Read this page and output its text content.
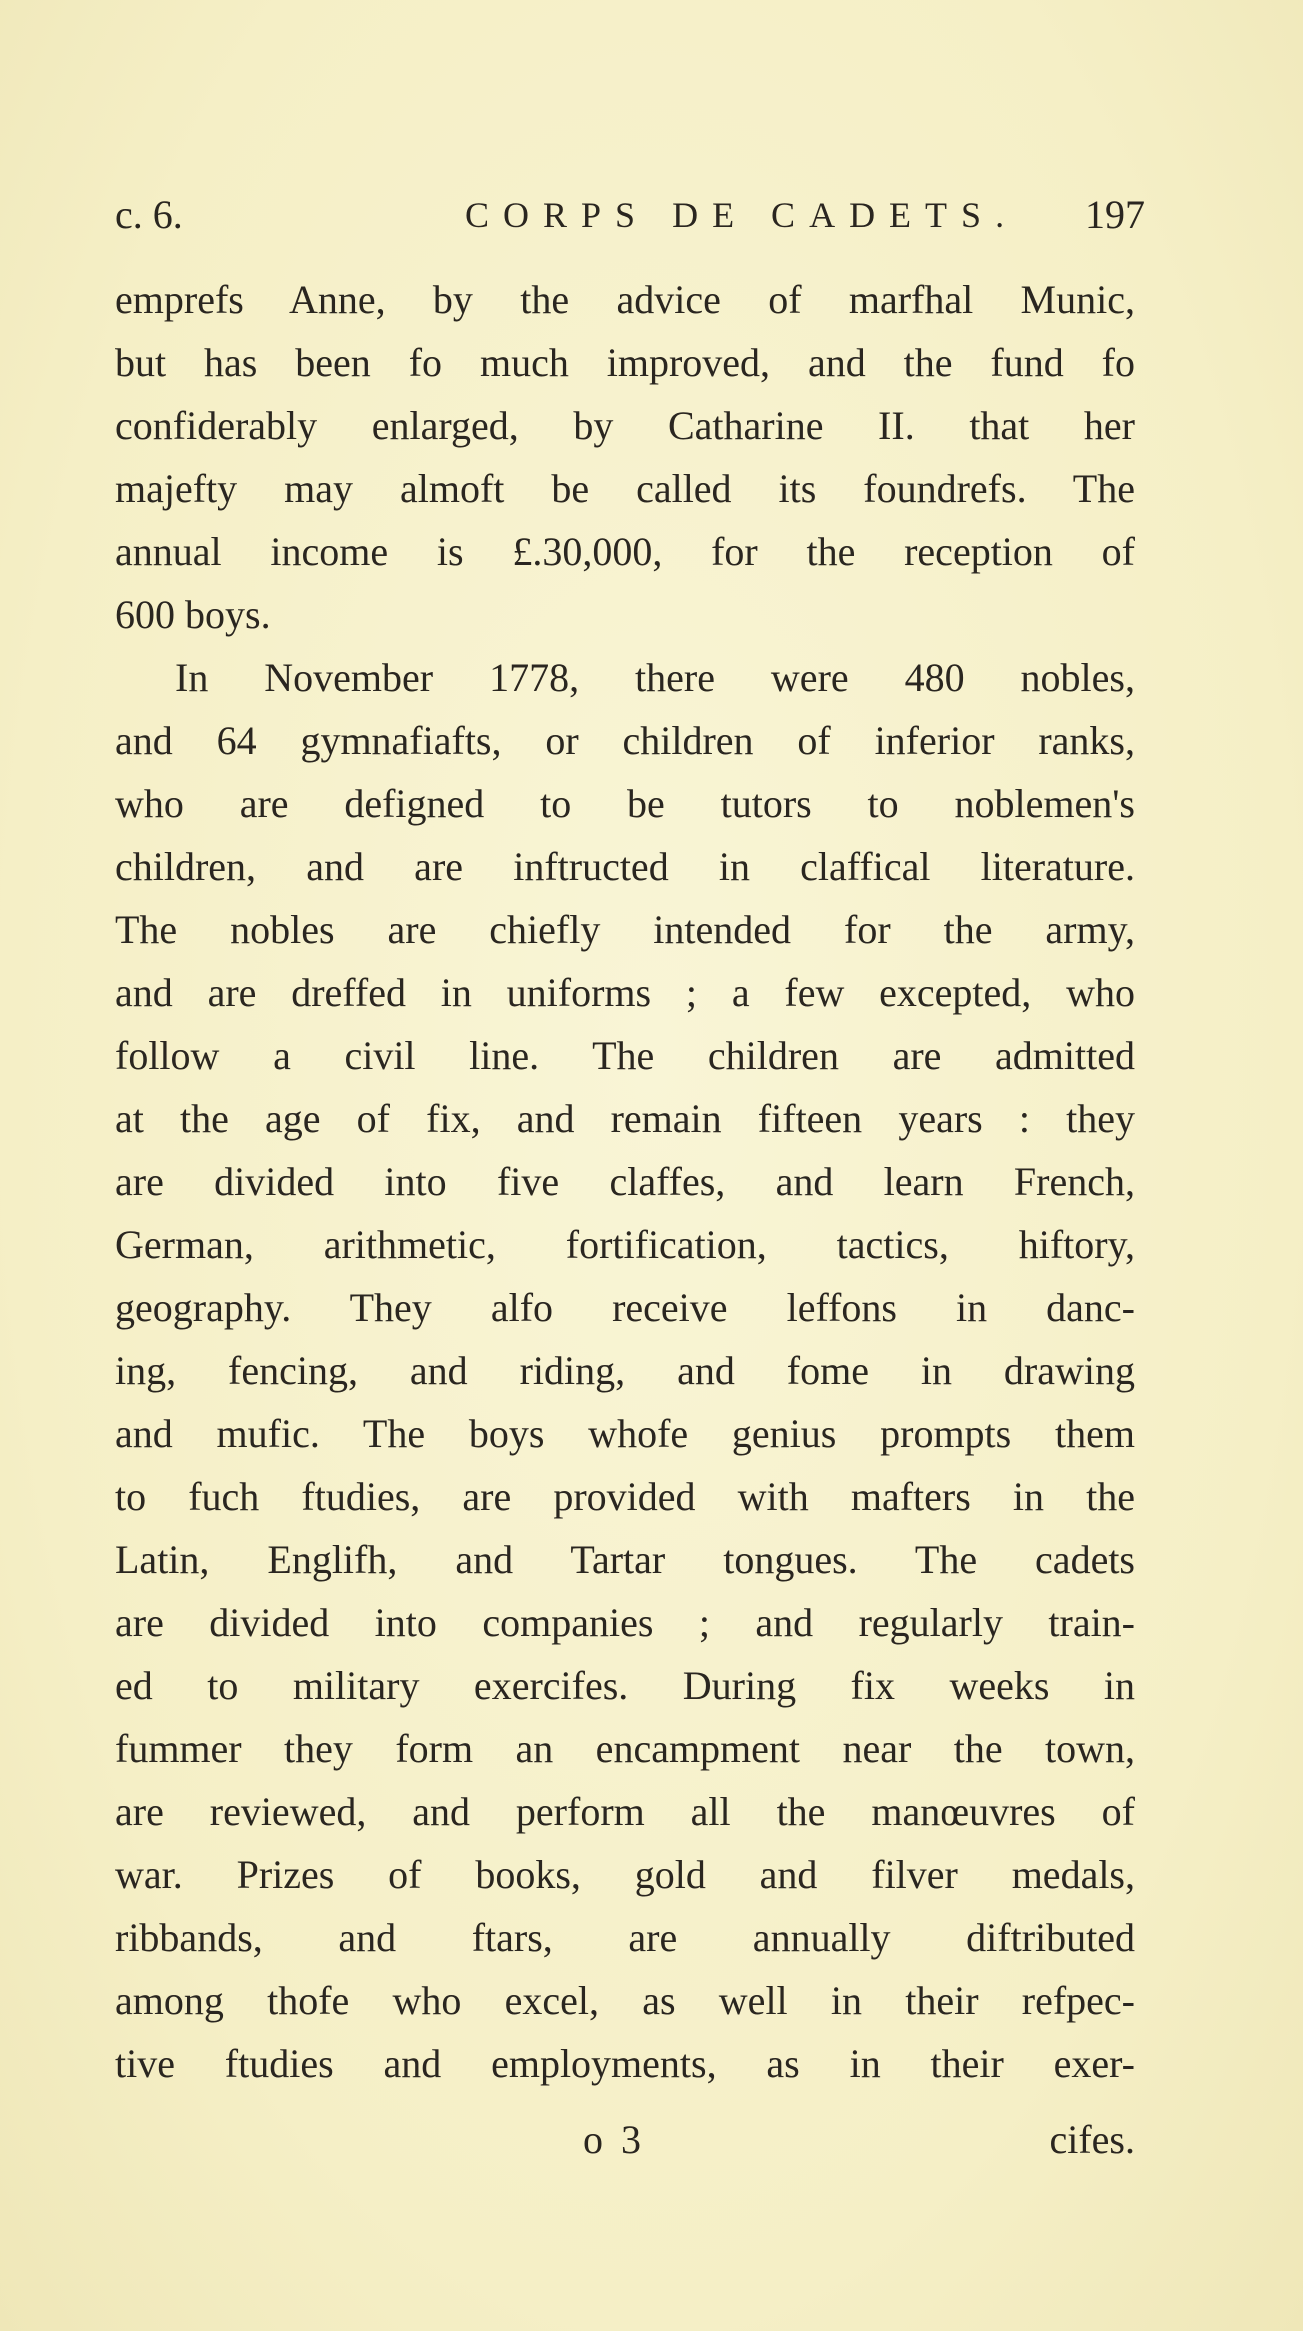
c. 6.	CORPS DE CADETS. 197
emprefs Anne, by the advice of marfhal Munic,
but has been fo much improved, and the fund fo
confiderably enlarged, by Catharine II. that her
majefty may almoft be called its foundrefs. The
annual income is £.30,000, for the reception of
600 boys.
In November 1778, there were 480 nobles,
and 64 gymnafiafts, or children of inferior ranks,
who are defigned to be tutors to noblemen's
children, and are inftructed in claffical literature.
The nobles are chiefly intended for the army,
and are dreffed in uniforms ; a few excepted, who
follow a civil line. The children are admitted
at the age of fix, and remain fifteen years : they
are divided into five claffes, and learn French,
German, arithmetic, fortification, tactics, hiftory,
geography. They alfo receive leffons in danc-
ing, fencing, and riding, and fome in drawing
and mufic. The boys whofe genius prompts them
to fuch ftudies, are provided with mafters in the
Latin, Englifh, and Tartar tongues. The cadets
are divided into companies ; and regularly train-
ed to military exercifes. During fix weeks in
fummer they form an encampment near the town,
are reviewed, and perform all the manœuvres of
war. Prizes of books, gold and filver medals,
ribbands, and ftars, are annually diftributed
among thofe who excel, as well in their refpec-
tive ftudies and employments, as in their exer-
o 3	cifes.
